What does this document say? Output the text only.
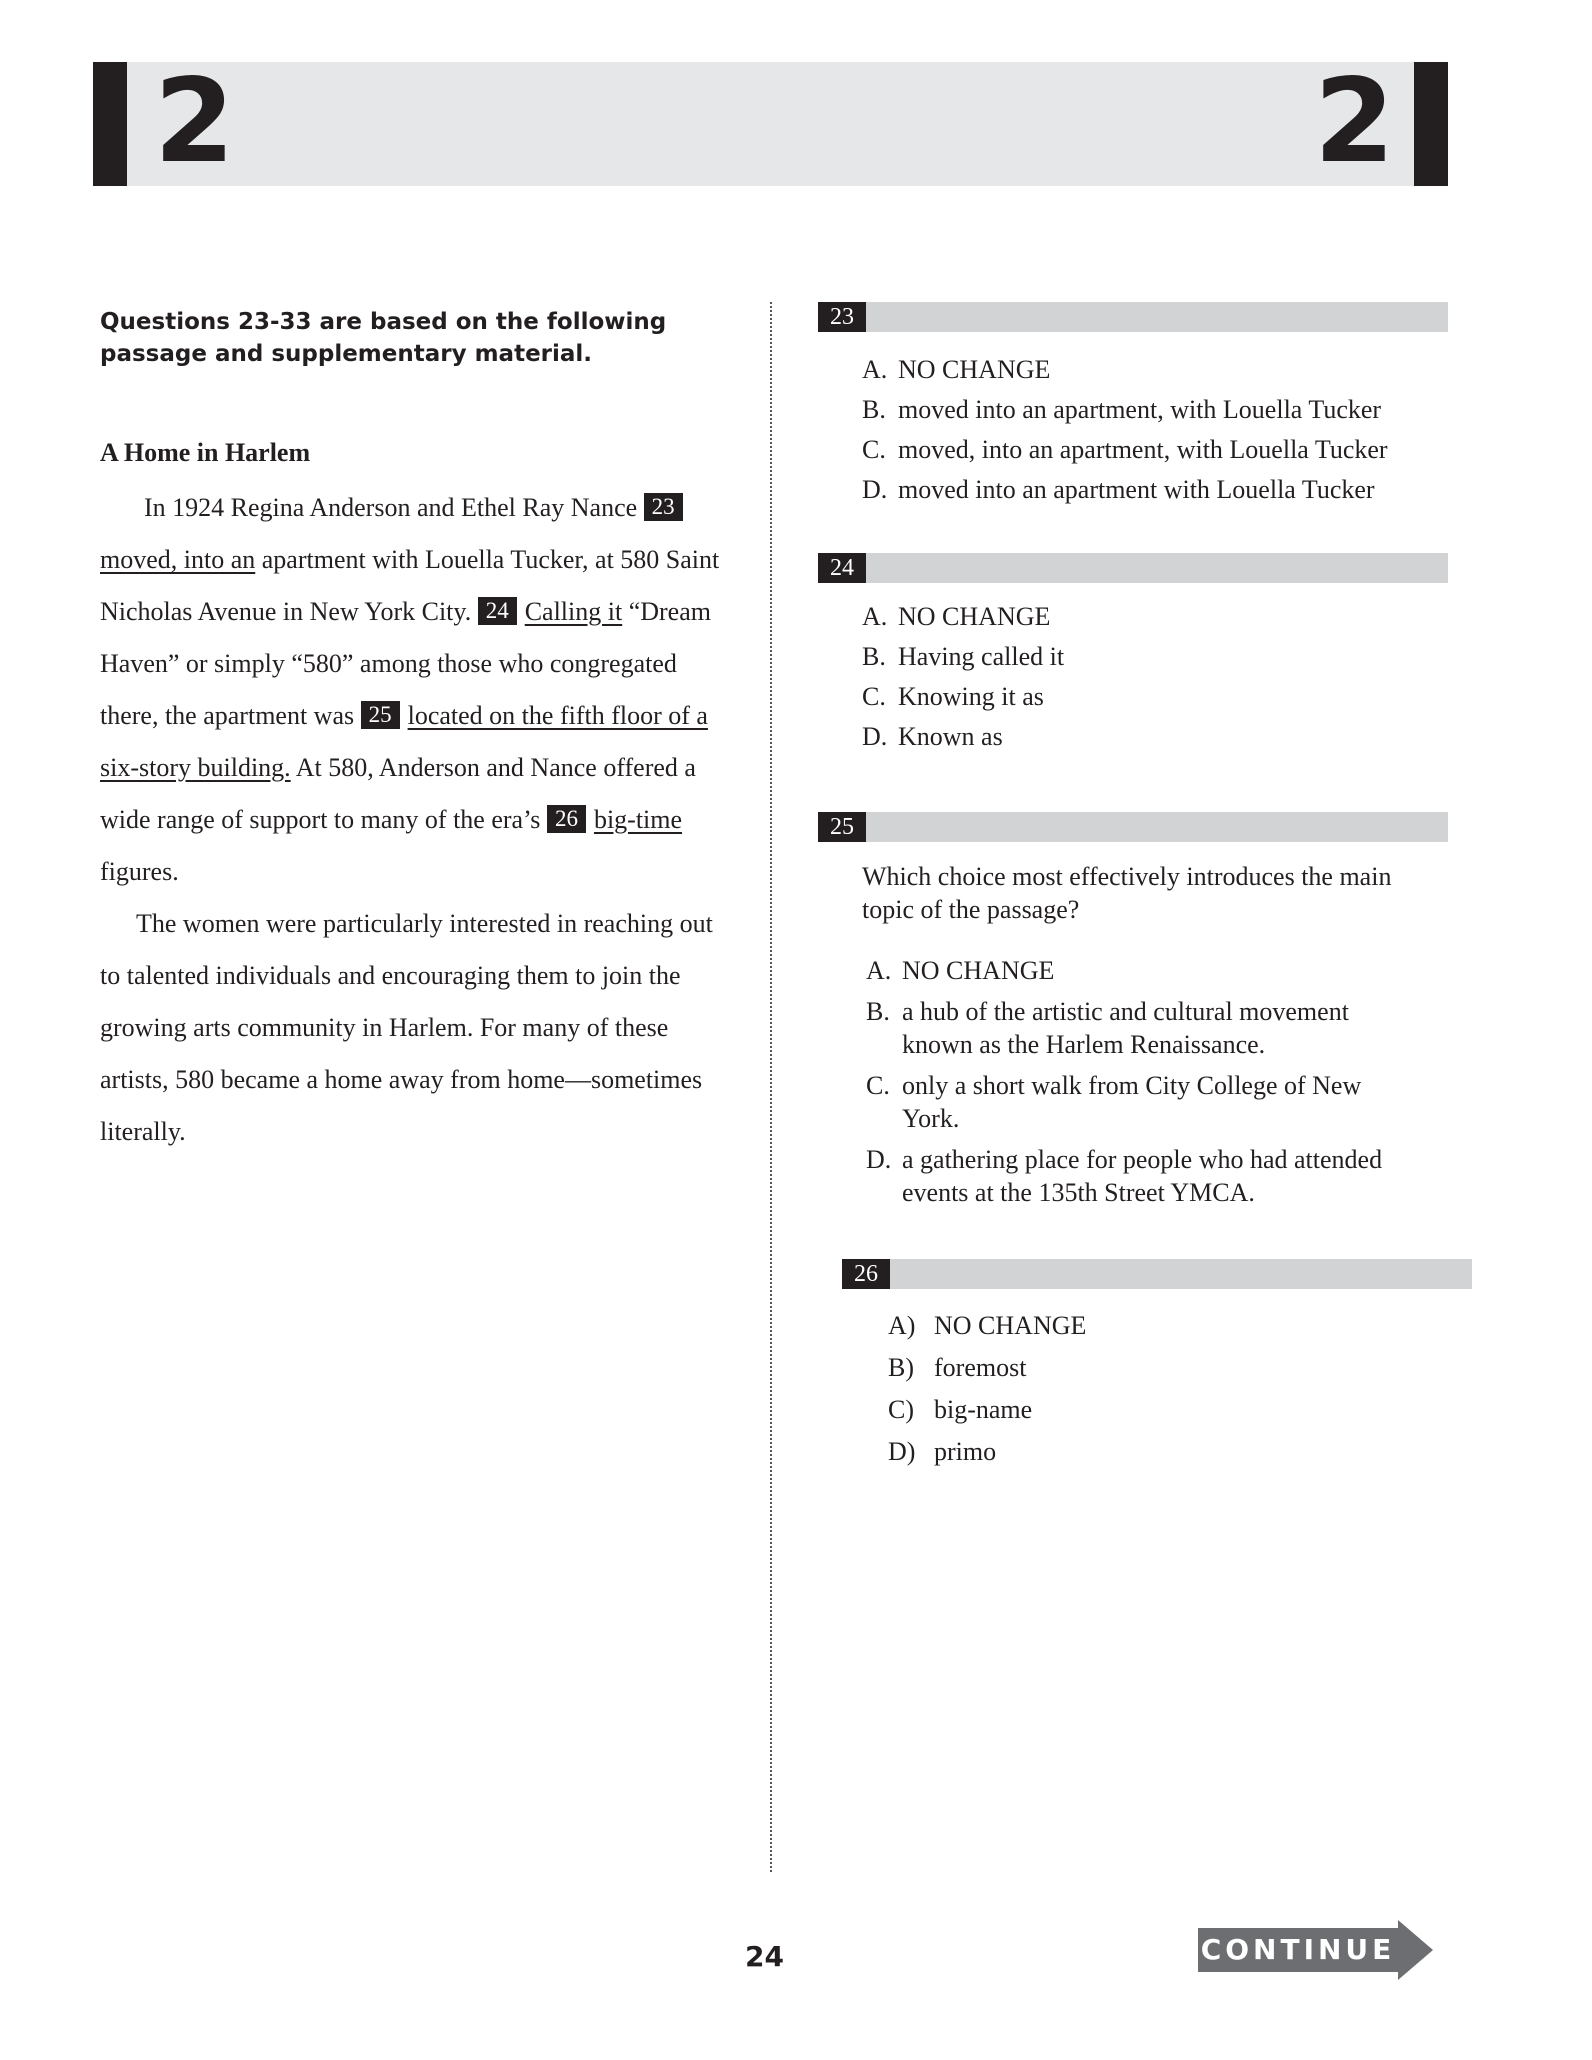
2	2
Questions 23-33 are based on the following passage and supplementary material.
A Home in Harlem

In 1924 Regina Anderson and Ethel Ray Nance 23moved, into an apartment with Louella Tucker, at 580 Saint Nicholas Avenue in New York City. 24 Calling it “Dream Haven” or simply “580” among those who congregated there, the apartment was 25 located on the fifth floor of a six-story building. At 580, Anderson and Nance offered a wide range of support to many of the era’s 26 big-time figures.

The women were particularly interested in reaching out to talented individuals and encouraging them to join the growing arts community in Harlem. For many of these artists, 580 became a home away from home—sometimes literally.

23
A. NO CHANGE
B. moved into an apartment, with Louella Tucker
C. moved, into an apartment, with Louella Tucker
D. moved into an apartment with Louella Tucker
24
A. NO CHANGE
B. Having called it
C. Knowing it as
D. Known as
25
Which choice most effectively introduces the main topic of the passage?
A. NO CHANGE
B. a hub of the artistic and cultural movement known as the Harlem Renaissance.
C. only a short walk from City College of New York.
D. a gathering place for people who had attended events at the 135th Street YMCA.
26
A) NO CHANGE
B) foremost
C) big-name
D) primo
24	CONTINUE
